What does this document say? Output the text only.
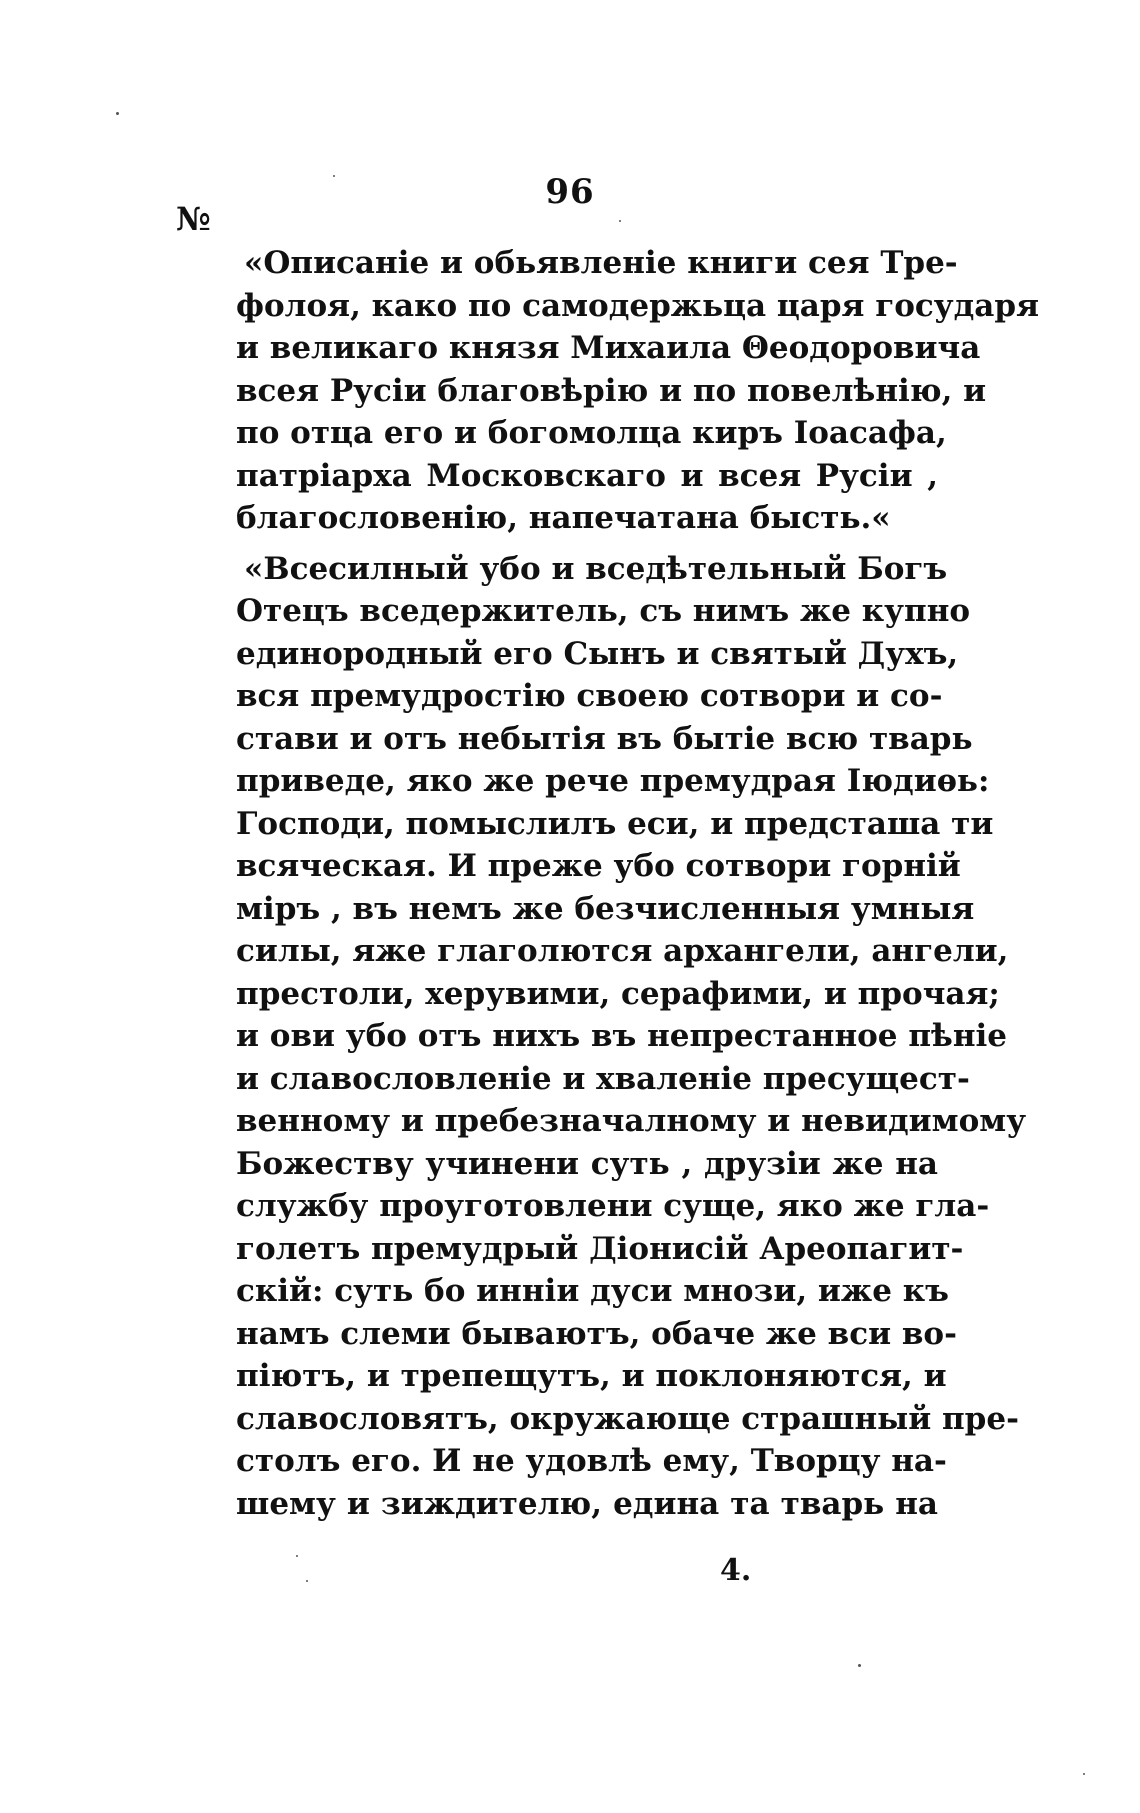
96
№
«Описаніе и обьявленіе книги сея Тре-
фолоя, како по самодержьца царя государя
и великаго князя Михаила Θеодоровича
всея Русіи благовѣрію и по повелѣнію, и
по отца его и богомолца киръ Іоасафа,
патріарха Московскаго и всея Русіи ,
благословенію, напечатана бысть.«
«Всесилный убо и вседѣтельный Богъ
Отецъ вседержитель, съ нимъ же купно
единородный его Сынъ и святый Духъ,
вся премудростію своею сотвори и со-
стави и отъ небытія въ бытіе всю тварь
приведе, яко же рече премудрая Іюдиѳь:
Господи, помыслилъ еси, и предсташа ти
всяческая. И преже убо сотвори горній
міръ , въ немъ же безчисленныя умныя
силы, яже глаголются архангели, ангели,
престоли, херувими, серафими, и прочая;
и ови убо отъ нихъ въ непрестанное пѣніе
и славословленіе и хваленіе пресущест-
венному и пребезначалному и невидимому
Божеству учинени суть , друзіи же на
службу проуготовлени суще, яко же гла-
голетъ премудрый Діонисій Ареопагит-
скій: суть бо инніи дуси мнози, иже къ
намъ слеми бываютъ, обаче же вси во-
піютъ, и трепещутъ, и поклоняются, и
славословятъ, окружающе страшный пре-
столъ его. И не удовлѣ ему, Творцу на-
шему и зиждителю, едина та тварь на
4.
